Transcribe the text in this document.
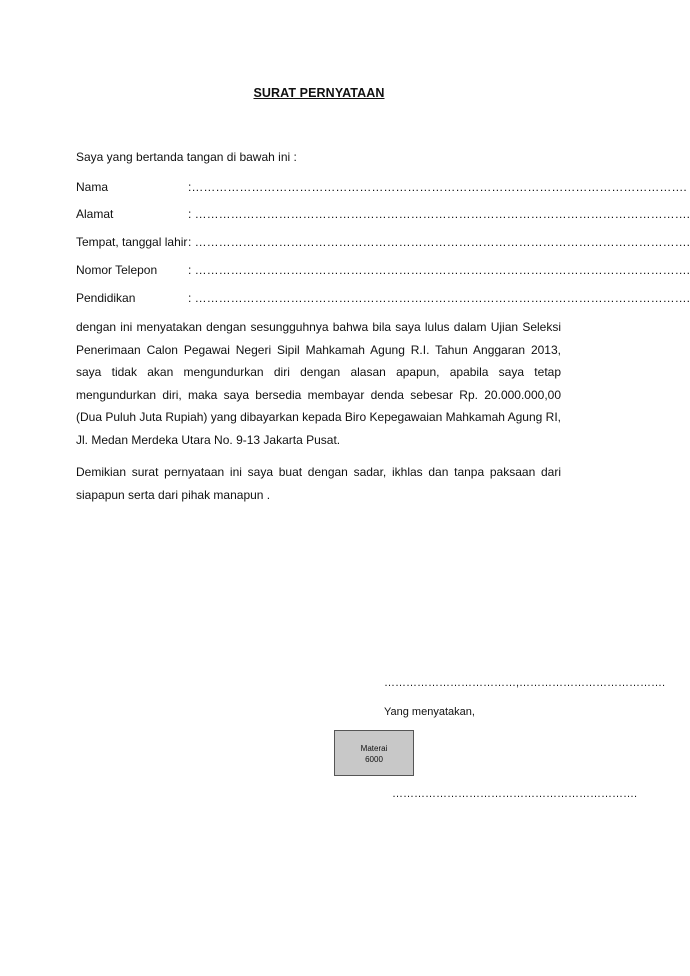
SURAT PERNYATAAN
Saya yang bertanda tangan di bawah ini :
Nama	:…………………………………………………………………………………………………………….
Alamat	: …………………………………………………………………………………………………………….
Tempat, tanggal lahir : …………………………………………………………………………………………………………….
Nomor Telepon	: …………………………………………………………………………………………………………….
Pendidikan	: …………………………………………………………………………………………………………….
dengan ini menyatakan dengan sesungguhnya bahwa bila saya lulus dalam Ujian Seleksi Penerimaan Calon Pegawai Negeri Sipil Mahkamah Agung R.I. Tahun Anggaran 2013, saya tidak akan mengundurkan diri dengan alasan apapun, apabila saya tetap mengundurkan diri, maka saya bersedia membayar denda sebesar Rp. 20.000.000,00 (Dua Puluh Juta Rupiah) yang dibayarkan kepada Biro Kepegawaian Mahkamah Agung RI, Jl. Medan Merdeka Utara No. 9-13 Jakarta Pusat.
Demikian surat pernyataan ini saya buat dengan sadar, ikhlas dan tanpa paksaan dari siapapun serta dari pihak manapun .
………………………………,………………………………….
Yang menyatakan,
Materai
6000
………………………………………………………….
